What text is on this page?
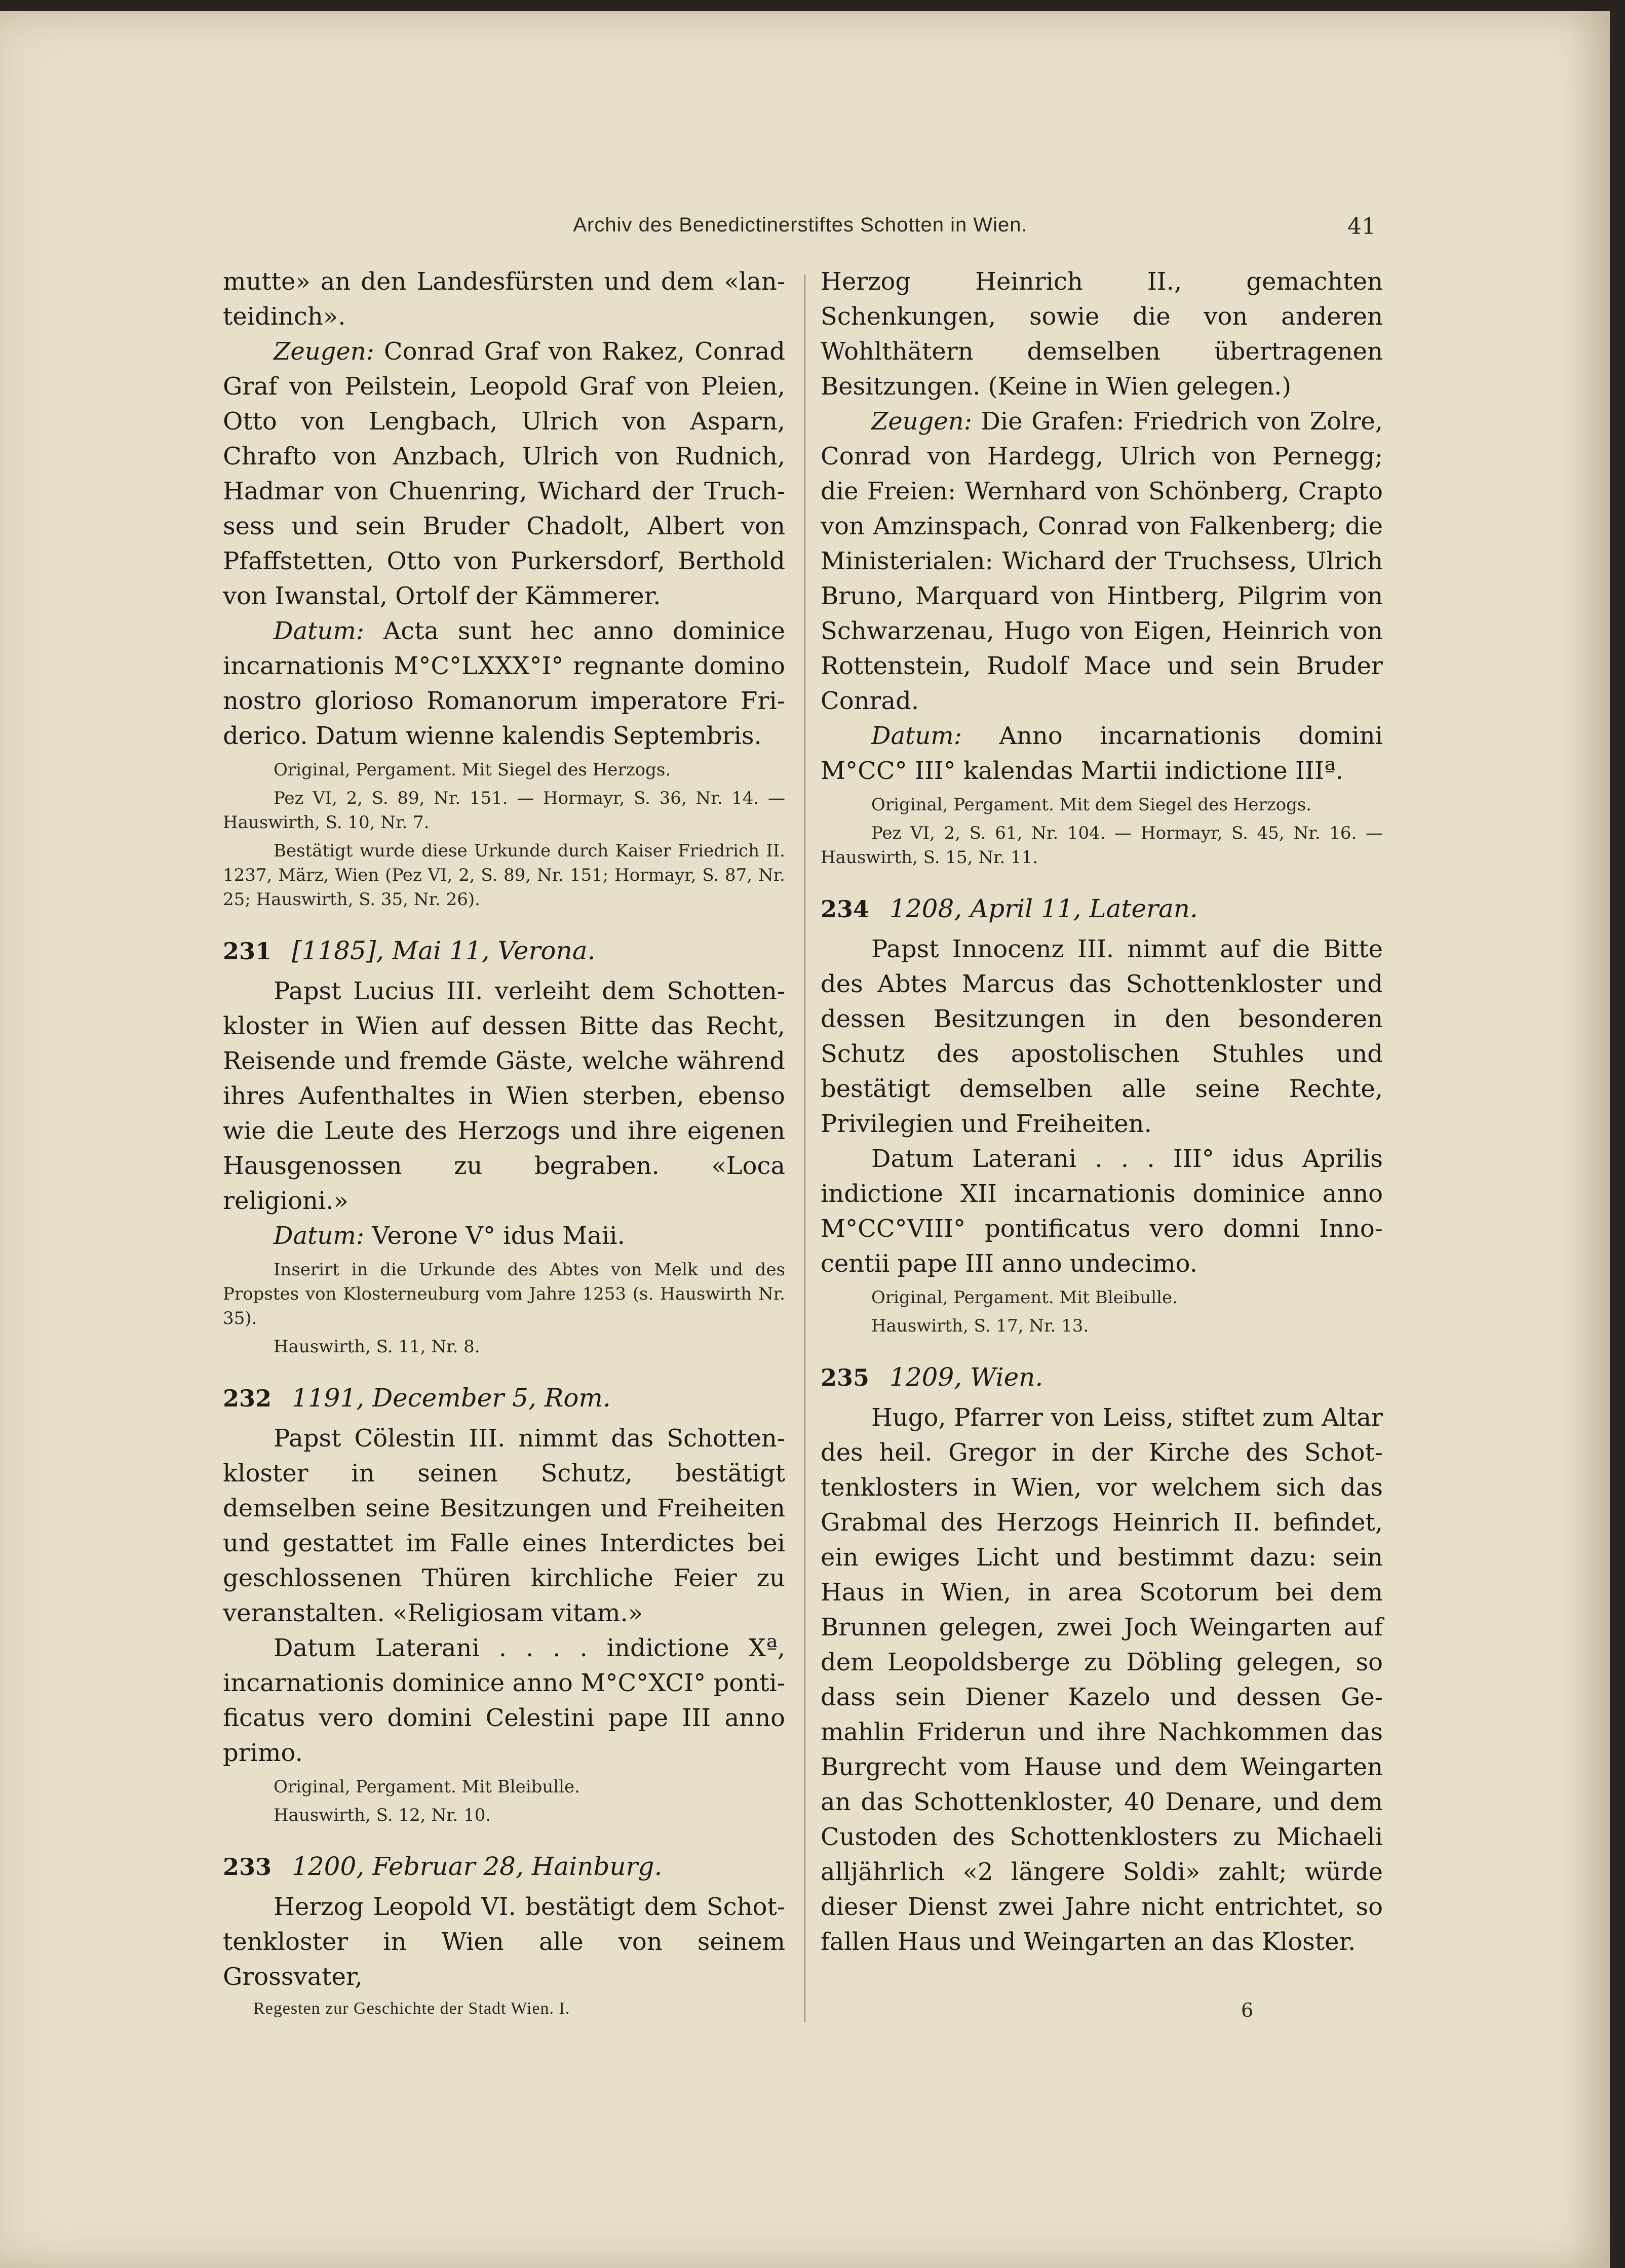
Archiv des Benedictinerstiftes Schotten in Wien.	41

mutte» an den Landesfürsten und dem «lan- teidinch».

Zeugen: Conrad Graf von Rakez, Conrad Graf von Peilstein, Leopold Graf von Pleien, Otto von Lengbach, Ulrich von Asparn, Chrafto von Anzbach, Ulrich von Rudnich, Hadmar von Chuenring, Wichard der Truchsess und sein Bruder Chadolt, Albert von Pfaffstetten, Otto von Purkersdorf, Berthold von Iwanstal, Ortolf der Kämmerer.

Datum: Acta sunt hec anno dominice incarnationis M°C°LXXX°I° regnante domino nostro glorioso Romanorum imperatore Friderico. Datum wienne kalendis Septembris.

Original, Pergament. Mit Siegel des Herzogs.

Pez VI, 2, S. 89, Nr. 151. — Hormayr, S. 36, Nr. 14. — Hauswirth, S. 10, Nr. 7.

Bestätigt wurde diese Urkunde durch Kaiser Friedrich II. 1237, März, Wien (Pez VI, 2, S. 89, Nr. 151; Hormayr, S. 87, Nr. 25; Hauswirth, S. 35, Nr. 26).

231 [1185], Mai 11, Verona.

Papst Lucius III. verleiht dem Schottenkloster in Wien auf dessen Bitte das Recht, Reisende und fremde Gäste, welche während ihres Aufenthaltes in Wien sterben, ebenso wie die Leute des Herzogs und ihre eigenen Hausgenossen zu begraben. «Loca religioni.»

Datum: Verone V° idus Maii.

Inserirt in die Urkunde des Abtes von Melk und des Propstes von Klosterneuburg vom Jahre 1253 (s. Hauswirth Nr. 35).

Hauswirth, S. 11, Nr. 8.

232 1191, December 5, Rom.

Papst Cölestin III. nimmt das Schottenkloster in seinen Schutz, bestätigt demselben seine Besitzungen und Freiheiten und gestattet im Falle eines Interdictes bei geschlossenen Thüren kirchliche Feier zu veranstalten. «Religiosam vitam.»

Datum Laterani . . . . indictione Xª, incarnationis dominice anno M°C°XCI° pontificatus vero domini Celestini pape III anno primo.

Original, Pergament. Mit Bleibulle.

Hauswirth, S. 12, Nr. 10.

233 1200, Februar 28, Hainburg.

Herzog Leopold VI. bestätigt dem Schottenkloster in Wien alle von seinem Grossvater,

Herzog Heinrich II., gemachten Schenkungen, sowie die von anderen Wohlthätern demselben übertragenen Besitzungen. (Keine in Wien gelegen.)

Zeugen: Die Grafen: Friedrich von Zolre, Conrad von Hardegg, Ulrich von Pernegg; die Freien: Wernhard von Schönberg, Crapto von Amzinspach, Conrad von Falkenberg; die Ministerialen: Wichard der Truchsess, Ulrich Bruno, Marquard von Hintberg, Pilgrim von Schwarzenau, Hugo von Eigen, Heinrich von Rottenstein, Rudolf Mace und sein Bruder Conrad.

Datum: Anno incarnationis domini M°CC° III° kalendas Martii indictione IIIª.

Original, Pergament. Mit dem Siegel des Herzogs.

Pez VI, 2, S. 61, Nr. 104. — Hormayr, S. 45, Nr. 16. — Hauswirth, S. 15, Nr. 11.

234 1208, April 11, Lateran.

Papst Innocenz III. nimmt auf die Bitte des Abtes Marcus das Schottenkloster und dessen Besitzungen in den besonderen Schutz des apostolischen Stuhles und bestätigt demselben alle seine Rechte, Privilegien und Freiheiten.

Datum Laterani . . . III° idus Aprilis indictione XII incarnationis dominice anno M°CC°VIII° pontificatus vero domni Innocentii pape III anno undecimo.

Original, Pergament. Mit Bleibulle.

Hauswirth, S. 17, Nr. 13.

235 1209, Wien.

Hugo, Pfarrer von Leiss, stiftet zum Altar des heil. Gregor in der Kirche des Schottenklosters in Wien, vor welchem sich das Grabmal des Herzogs Heinrich II. befindet, ein ewiges Licht und bestimmt dazu: sein Haus in Wien, in area Scotorum bei dem Brunnen gelegen, zwei Joch Weingarten auf dem Leopoldsberge zu Döbling gelegen, so dass sein Diener Kazelo und dessen Gemahlin Friderun und ihre Nachkommen das Burgrecht vom Hause und dem Weingarten an das Schottenkloster, 40 Denare, und dem Custoden des Schottenklosters zu Michaeli alljährlich «2 längere Soldi» zahlt; würde dieser Dienst zwei Jahre nicht entrichtet, so fallen Haus und Weingarten an das Kloster.

Regesten zur Geschichte der Stadt Wien. I.	6
